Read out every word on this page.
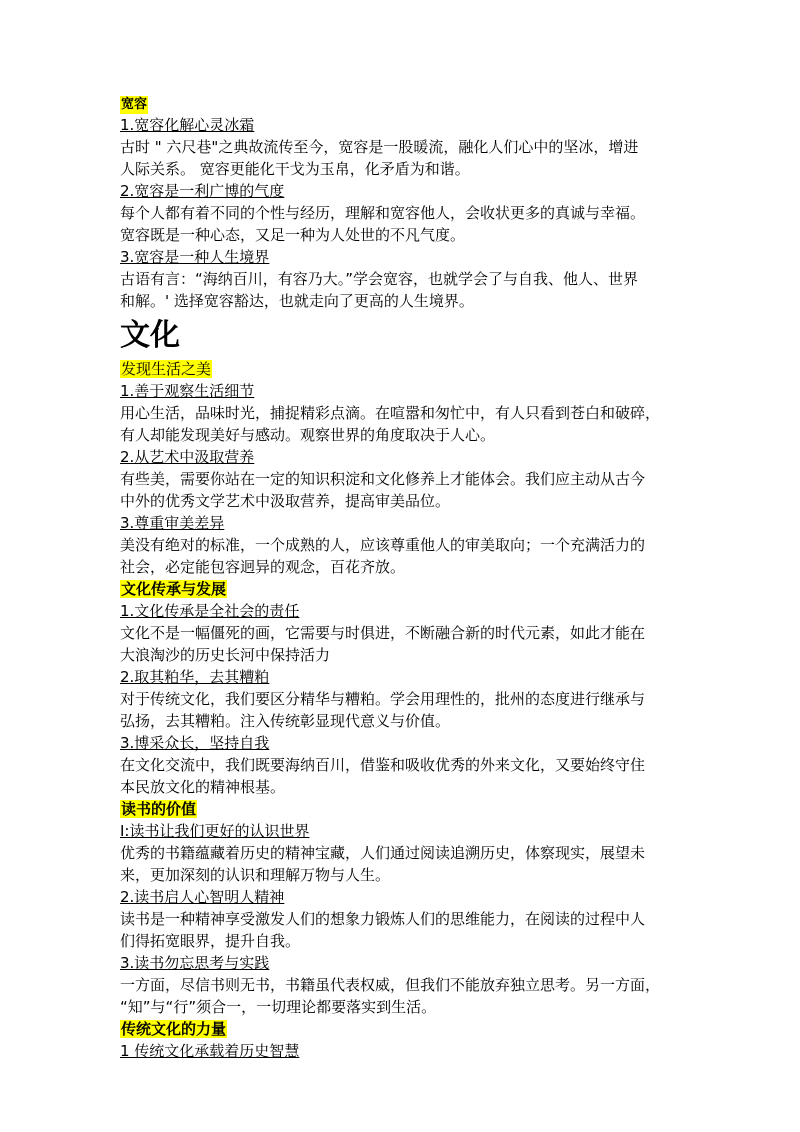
宽容
1.宽容化解心灵冰霜
古时 " 六尺巷"之典故流传至今，宽容是一股暖流，融化人们心中的坚冰，增进
人际关系。 宽容更能化干戈为玉帛，化矛盾为和谐。
2.宽容是一利广博的气度
每个人都有着不同的个性与经历，理解和宽容他人，会收状更多的真诚与幸福。
宽容既是一种心态，又足一种为人处世的不凡气度。
3.宽容是一种人生境界
古语有言：“海纳百川，有容乃大。”学会宽容，也就学会了与自我、他人、世界
和解。' 选择宽容豁达，也就走向了更高的人生境界。
文化
发现生活之美
1.善于观察生活细节
用心生活，品味时光，捕捉精彩点滴。在喧嚣和匆忙中，有人只看到苍白和破碎，
有人却能发现美好与感动。观察世界的角度取决于人心。
2.从艺术中汲取营养
有些美，需要你站在一定的知识积淀和文化修养上才能体会。我们应主动从古今
中外的优秀文学艺术中汲取营养，提高审美品位。
3.尊重审美差异
美没有绝对的标准，一个成熟的人，应该尊重他人的审美取向；一个充满活力的
社会，必定能包容迥异的观念，百花齐放。
文化传承与发展
1.文化传承是全社会的责任
文化不是一幅僵死的画，它需要与时俱进，不断融合新的时代元素，如此才能在
大浪淘沙的历史长河中保持活力
2.取其粕华，去其糟粕
对于传统文化，我们要区分精华与糟粕。学会用理性的，批州的态度进行继承与
弘扬，去其糟粕。注入传统彰显现代意义与价值。
3.博采众长，坚持自我
在文化交流中，我们既要海纳百川，借鉴和吸收优秀的外来文化，又要始终守住
本民放文化的精神根基。
读书的价值
I:读书让我们更好的认识世界
优秀的书籍蕴藏着历史的精神宝藏，人们通过阅读追溯历史，体察现实，展望未
来，更加深刻的认识和理解万物与人生。
2.读书启人心智明人精神
读书是一种精神享受激发人们的想象力锻炼人们的思维能力，在阅读的过程中人
们得拓宽眼界，提升自我。
3.读书勿忘思考与实践
一方面，尽信书则无书，书籍虽代表权威，但我们不能放弃独立思考。另一方面，
“知”与“行”须合一，一切理论都要落实到生活。
传统文化的力量
1 传统文化承载着历史智慧
